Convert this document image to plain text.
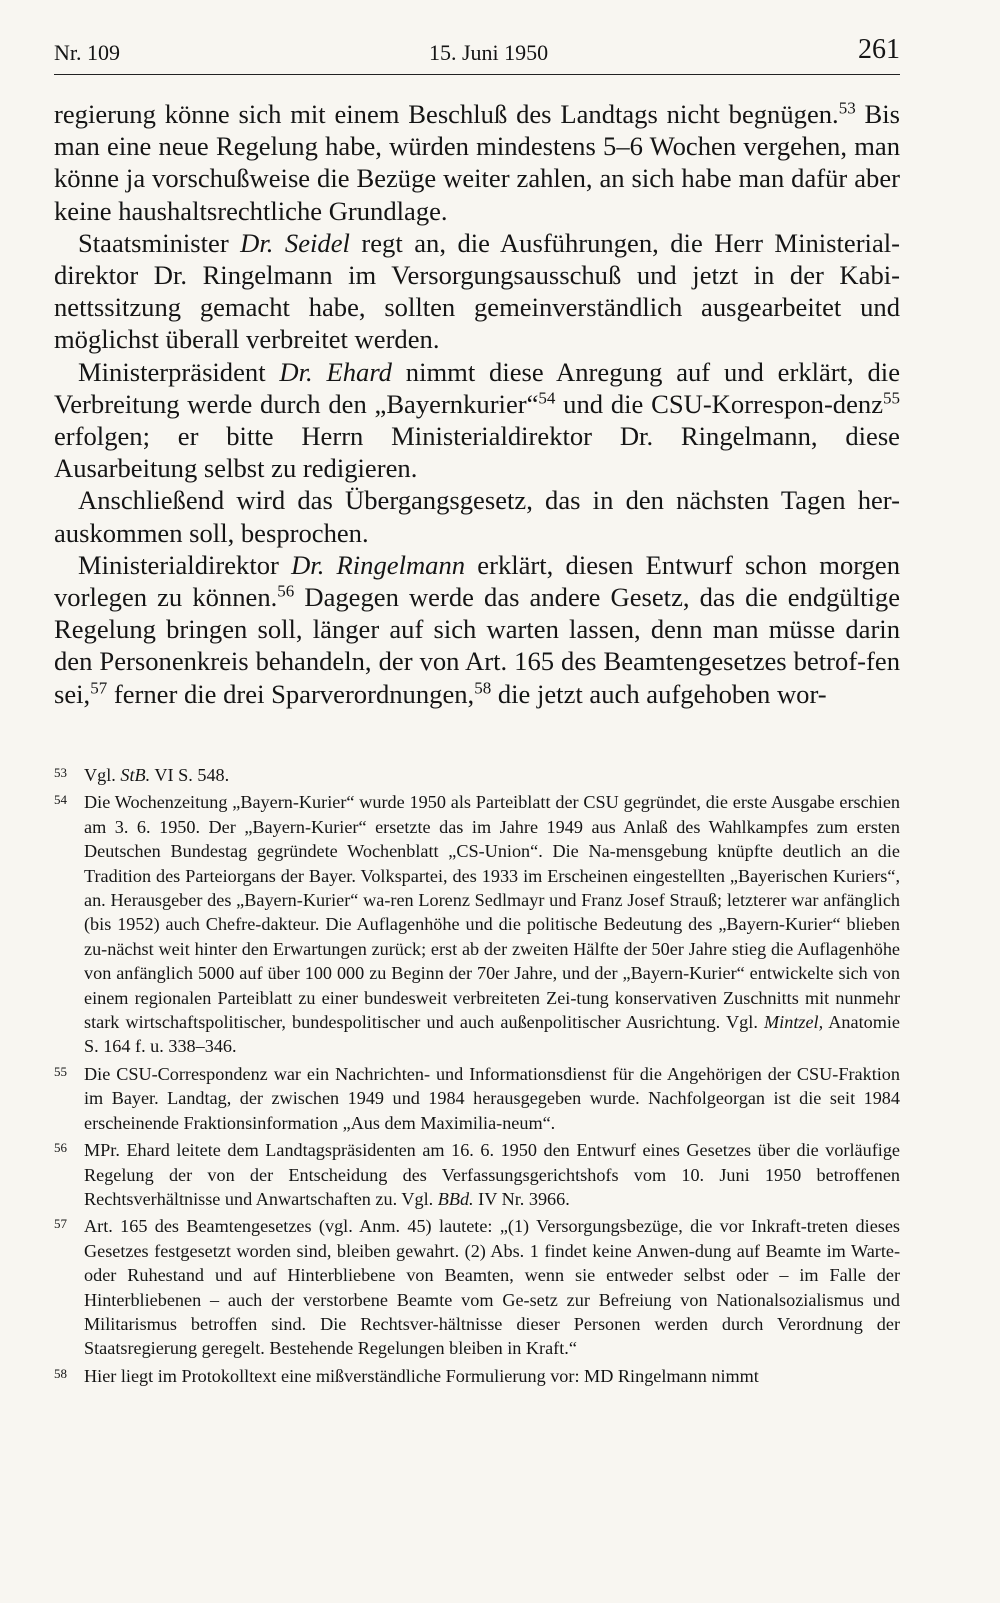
Nr. 109	15. Juni 1950	261

regierung könne sich mit einem Beschluß des Landtags nicht begnügen.$^{53}$ Bis man eine neue Regelung habe, würden mindestens 5–6 Wochen vergehen, man könne ja vorschußweise die Bezüge weiter zahlen, an sich habe man dafür aber keine haushaltsrechtliche Grundlage.

Staatsminister Dr. Seidel regt an, die Ausführungen, die Herr Ministerial-direktor Dr. Ringelmann im Versorgungsausschuß und jetzt in der Kabi-nettssitzung gemacht habe, sollten gemeinverständlich ausgearbeitet und möglichst überall verbreitet werden.

Ministerpräsident Dr. Ehard nimmt diese Anregung auf und erklärt, die Verbreitung werde durch den „Bayernkurier“$^{54}$ und die CSU-Korrespon-denz$^{55}$ erfolgen; er bitte Herrn Ministerialdirektor Dr. Ringelmann, diese Ausarbeitung selbst zu redigieren.

Anschließend wird das Übergangsgesetz, das in den nächsten Tagen her-auskommen soll, besprochen.

Ministerialdirektor Dr. Ringelmann erklärt, diesen Entwurf schon morgen vorlegen zu können.$^{56}$ Dagegen werde das andere Gesetz, das die endgültige Regelung bringen soll, länger auf sich warten lassen, denn man müsse darin den Personenkreis behandeln, der von Art. 165 des Beamtengesetzes betrof-fen sei,$^{57}$ ferner die drei Sparverordnungen,$^{58}$ die jetzt auch aufgehoben wor-

53 Vgl. StB. VI S. 548.
54 Die Wochenzeitung „Bayern-Kurier“ wurde 1950 als Parteiblatt der CSU gegründet, die erste Ausgabe erschien am 3. 6. 1950. Der „Bayern-Kurier“ ersetzte das im Jahre 1949 aus Anlaß des Wahlkampfes zum ersten Deutschen Bundestag gegründete Wochenblatt „CS-Union“. Die Na-mensgebung knüpfte deutlich an die Tradition des Parteiorgans der Bayer. Volkspartei, des 1933 im Erscheinen eingestellten „Bayerischen Kuriers“, an. Herausgeber des „Bayern-Kurier“ wa-ren Lorenz Sedlmayr und Franz Josef Strauß; letzterer war anfänglich (bis 1952) auch Chefre-dakteur. Die Auflagenhöhe und die politische Bedeutung des „Bayern-Kurier“ blieben zu-nächst weit hinter den Erwartungen zurück; erst ab der zweiten Hälfte der 50er Jahre stieg die Auflagenhöhe von anfänglich 5000 auf über 100 000 zu Beginn der 70er Jahre, und der „Bayern-Kurier“ entwickelte sich von einem regionalen Parteiblatt zu einer bundesweit verbreiteten Zei-tung konservativen Zuschnitts mit nunmehr stark wirtschaftspolitischer, bundespolitischer und auch außenpolitischer Ausrichtung. Vgl. Mintzel, Anatomie S. 164 f. u. 338–346.
55 Die CSU-Correspondenz war ein Nachrichten- und Informationsdienst für die Angehörigen der CSU-Fraktion im Bayer. Landtag, der zwischen 1949 und 1984 herausgegeben wurde. Nachfolgeorgan ist die seit 1984 erscheinende Fraktionsinformation „Aus dem Maximilia-neum“.
56 MPr. Ehard leitete dem Landtagspräsidenten am 16. 6. 1950 den Entwurf eines Gesetzes über die vorläufige Regelung der von der Entscheidung des Verfassungsgerichtshofs vom 10. Juni 1950 betroffenen Rechtsverhältnisse und Anwartschaften zu. Vgl. BBd. IV Nr. 3966.
57 Art. 165 des Beamtengesetzes (vgl. Anm. 45) lautete: „(1) Versorgungsbezüge, die vor Inkraft-treten dieses Gesetzes festgesetzt worden sind, bleiben gewahrt. (2) Abs. 1 findet keine Anwen-dung auf Beamte im Warte- oder Ruhestand und auf Hinterbliebene von Beamten, wenn sie entweder selbst oder – im Falle der Hinterbliebenen – auch der verstorbene Beamte vom Ge-setz zur Befreiung von Nationalsozialismus und Militarismus betroffen sind. Die Rechtsver-hältnisse dieser Personen werden durch Verordnung der Staatsregierung geregelt. Bestehende Regelungen bleiben in Kraft.“
58 Hier liegt im Protokolltext eine mißverständliche Formulierung vor: MD Ringelmann nimmt
